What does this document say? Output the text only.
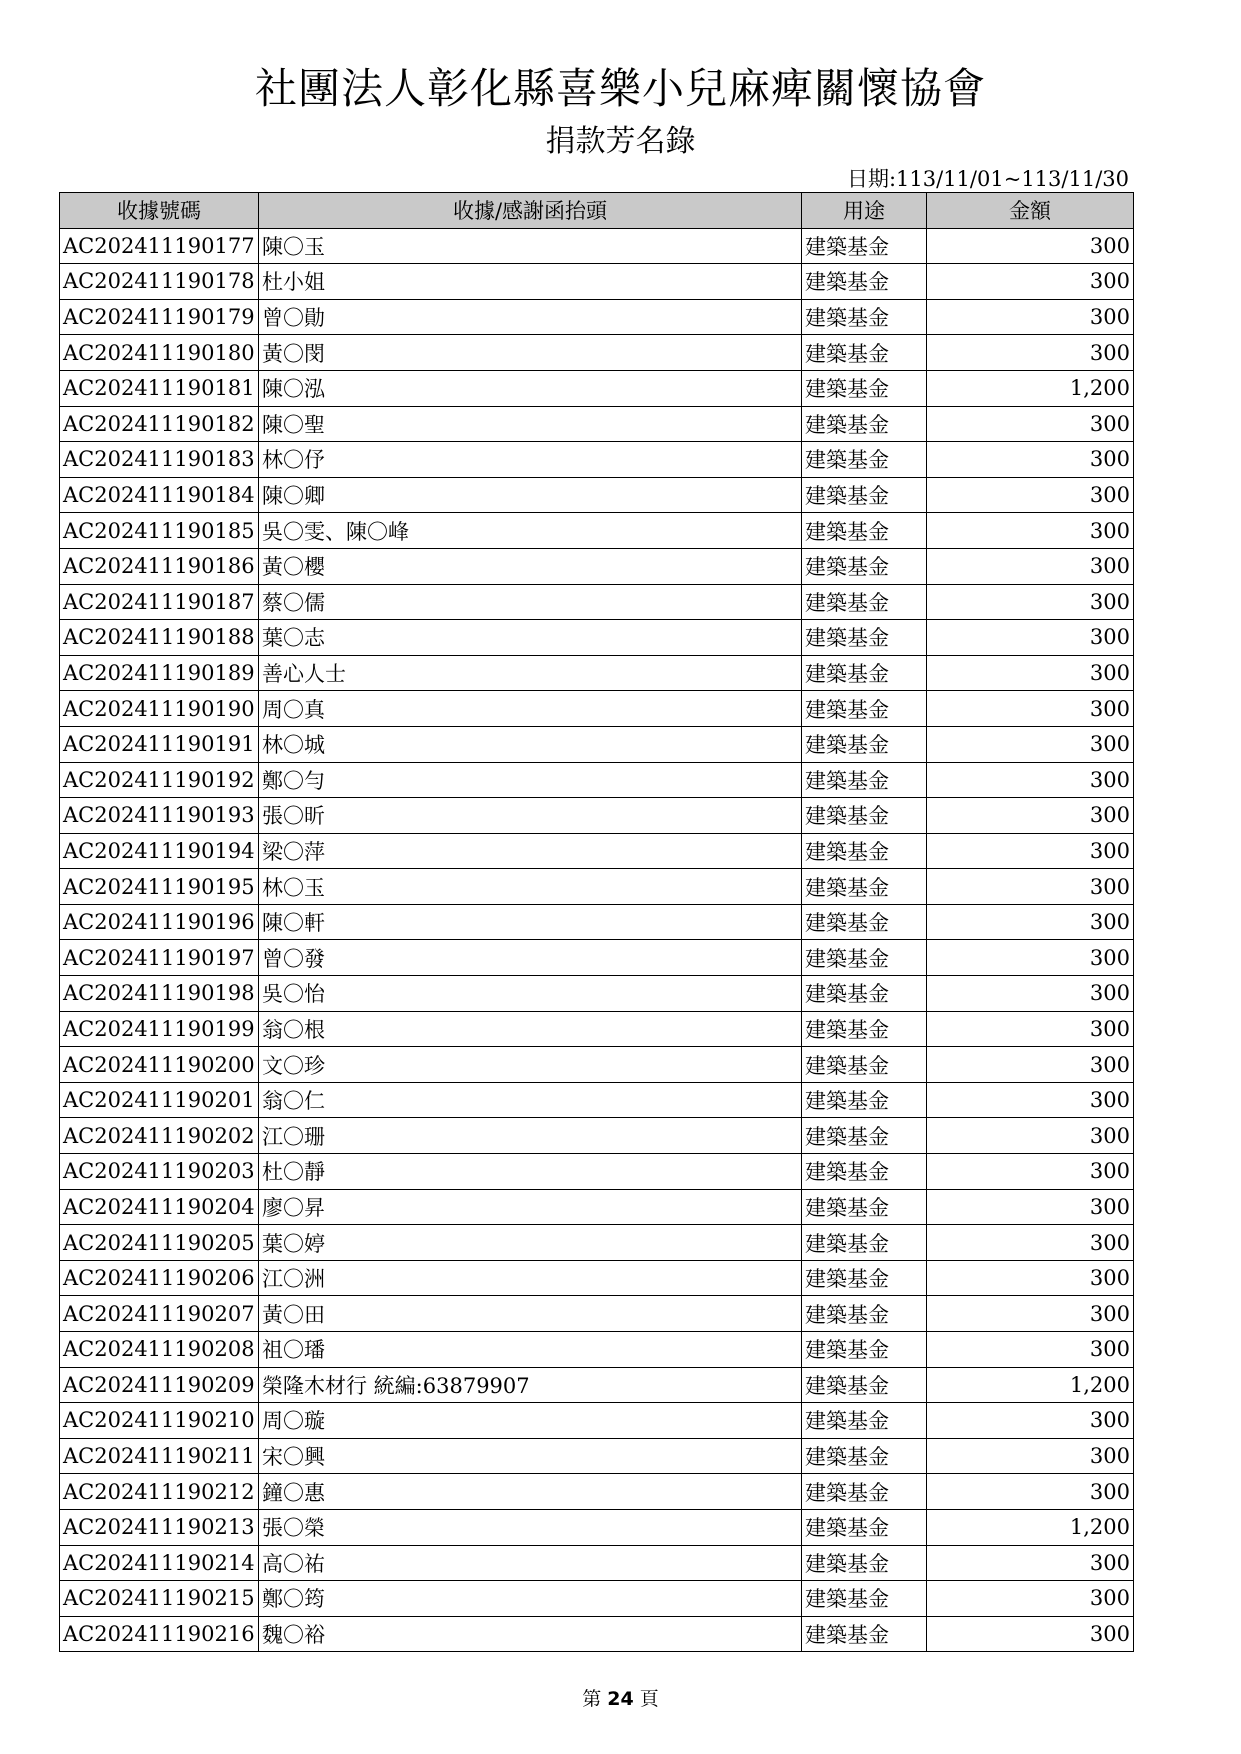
社團法人彰化縣喜樂小兒麻痺關懷協會
捐款芳名錄
日期:113/11/01~113/11/30
收據號碼	收據/感謝函抬頭	用途	金額
AC202411190177	陳〇玉	建築基金	300
AC202411190178	杜小姐	建築基金	300
AC202411190179	曾〇勛	建築基金	300
AC202411190180	黃〇閔	建築基金	300
AC202411190181	陳〇泓	建築基金	1,200
AC202411190182	陳〇聖	建築基金	300
AC202411190183	林〇伃	建築基金	300
AC202411190184	陳〇卿	建築基金	300
AC202411190185	吳〇雯、陳〇峰	建築基金	300
AC202411190186	黃〇櫻	建築基金	300
AC202411190187	蔡〇儒	建築基金	300
AC202411190188	葉〇志	建築基金	300
AC202411190189	善心人士	建築基金	300
AC202411190190	周〇真	建築基金	300
AC202411190191	林〇城	建築基金	300
AC202411190192	鄭〇勻	建築基金	300
AC202411190193	張〇昕	建築基金	300
AC202411190194	梁〇萍	建築基金	300
AC202411190195	林〇玉	建築基金	300
AC202411190196	陳〇軒	建築基金	300
AC202411190197	曾〇發	建築基金	300
AC202411190198	吳〇怡	建築基金	300
AC202411190199	翁〇根	建築基金	300
AC202411190200	文〇珍	建築基金	300
AC202411190201	翁〇仁	建築基金	300
AC202411190202	江〇珊	建築基金	300
AC202411190203	杜〇靜	建築基金	300
AC202411190204	廖〇昇	建築基金	300
AC202411190205	葉〇婷	建築基金	300
AC202411190206	江〇洲	建築基金	300
AC202411190207	黃〇田	建築基金	300
AC202411190208	祖〇璠	建築基金	300
AC202411190209	榮隆木材行 統編:63879907	建築基金	1,200
AC202411190210	周〇璇	建築基金	300
AC202411190211	宋〇興	建築基金	300
AC202411190212	鐘〇惠	建築基金	300
AC202411190213	張〇榮	建築基金	1,200
AC202411190214	高〇祐	建築基金	300
AC202411190215	鄭〇筠	建築基金	300
AC202411190216	魏〇裕	建築基金	300
第 24 頁
